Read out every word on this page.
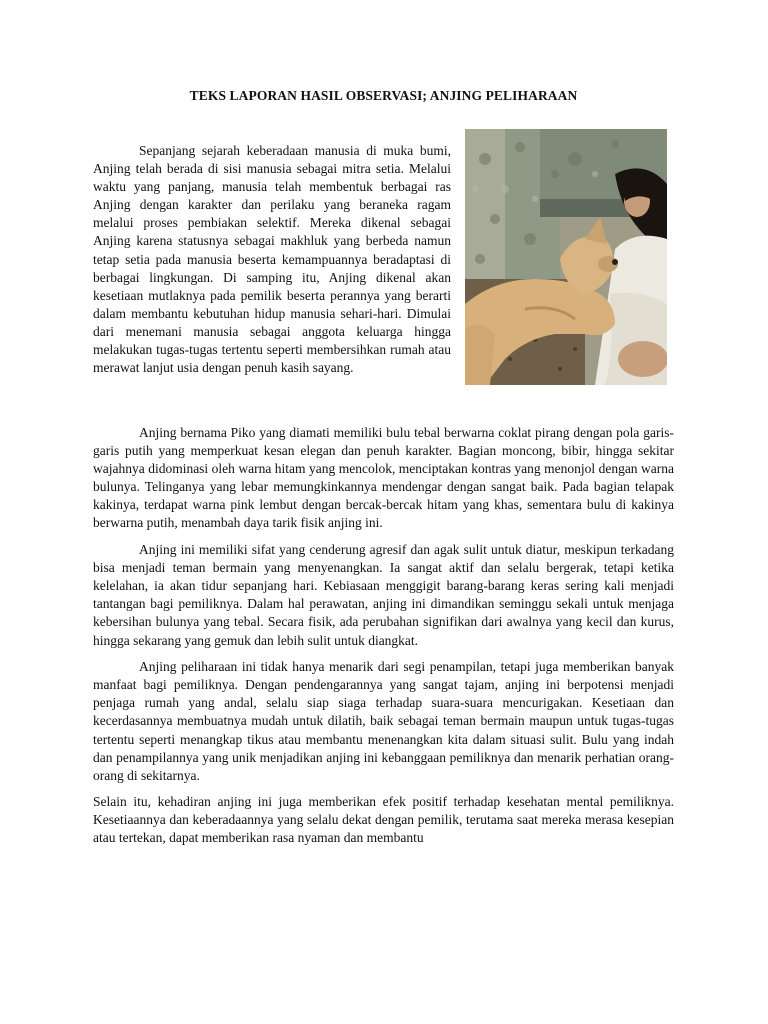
TEKS LAPORAN HASIL OBSERVASI; ANJING PELIHARAAN

Sepanjang sejarah keberadaan manusia di muka bumi, Anjing telah berada di sisi manusia sebagai mitra setia. Melalui waktu yang panjang, manusia telah membentuk berbagai ras Anjing dengan karakter dan perilaku yang beraneka ragam melalui proses pembiakan selektif. Mereka dikenal sebagai Anjing karena statusnya sebagai makhluk yang berbeda namun tetap setia pada manusia beserta kemampuannya beradaptasi di berbagai lingkungan. Di samping itu, Anjing dikenal akan kesetiaan mutlaknya pada pemilik beserta perannya yang berarti dalam membantu kebutuhan hidup manusia sehari-hari. Dimulai dari menemani manusia sebagai anggota keluarga hingga melakukan tugas-tugas tertentu seperti membersihkan rumah atau merawat lanjut usia dengan penuh kasih sayang.

Anjing bernama Piko yang diamati memiliki bulu tebal berwarna coklat pirang dengan pola garis-garis putih yang memperkuat kesan elegan dan penuh karakter. Bagian moncong, bibir, hingga sekitar wajahnya didominasi oleh warna hitam yang mencolok, menciptakan kontras yang menonjol dengan warna bulunya. Telinganya yang lebar memungkinkannya mendengar dengan sangat baik. Pada bagian telapak kakinya, terdapat warna pink lembut dengan bercak-bercak hitam yang khas, sementara bulu di kakinya berwarna putih, menambah daya tarik fisik anjing ini.

Anjing ini memiliki sifat yang cenderung agresif dan agak sulit untuk diatur, meskipun terkadang bisa menjadi teman bermain yang menyenangkan. Ia sangat aktif dan selalu bergerak, tetapi ketika kelelahan, ia akan tidur sepanjang hari. Kebiasaan menggigit barang-barang keras sering kali menjadi tantangan bagi pemiliknya. Dalam hal perawatan, anjing ini dimandikan seminggu sekali untuk menjaga kebersihan bulunya yang tebal. Secara fisik, ada perubahan signifikan dari awalnya yang kecil dan kurus, hingga sekarang yang gemuk dan lebih sulit untuk diangkat.

Anjing peliharaan ini tidak hanya menarik dari segi penampilan, tetapi juga memberikan banyak manfaat bagi pemiliknya. Dengan pendengarannya yang sangat tajam, anjing ini berpotensi menjadi penjaga rumah yang andal, selalu siap siaga terhadap suara-suara mencurigakan. Kesetiaan dan kecerdasannya membuatnya mudah untuk dilatih, baik sebagai teman bermain maupun untuk tugas-tugas tertentu seperti menangkap tikus atau membantu menenangkan kita dalam situasi sulit. Bulu yang indah dan penampilannya yang unik menjadikan anjing ini kebanggaan pemiliknya dan menarik perhatian orang-orang di sekitarnya.

Selain itu, kehadiran anjing ini juga memberikan efek positif terhadap kesehatan mental pemiliknya. Kesetiaannya dan keberadaannya yang selalu dekat dengan pemilik, terutama saat mereka merasa kesepian atau tertekan, dapat memberikan rasa nyaman dan membantu
